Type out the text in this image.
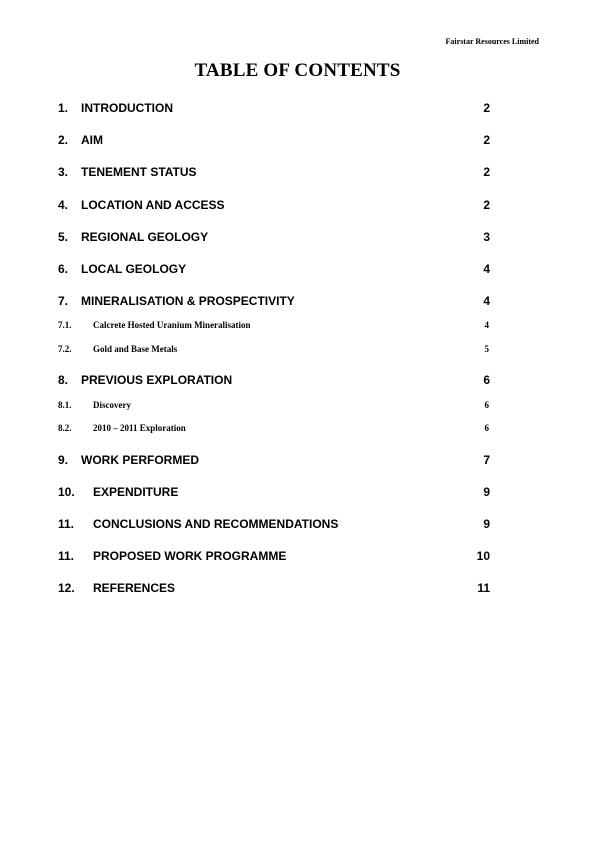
Fairstar Resources Limited
TABLE OF CONTENTS
1. INTRODUCTION	2
2. AIM	2
3. TENEMENT STATUS	2
4. LOCATION AND ACCESS	2
5. REGIONAL GEOLOGY	3
6. LOCAL GEOLOGY	4
7. MINERALISATION & PROSPECTIVITY	4
7.1. Calcrete Hosted Uranium Mineralisation	4
7.2. Gold and Base Metals	5
8. PREVIOUS EXPLORATION	6
8.1. Discovery	6
8.2. 2010 – 2011 Exploration	6
9. WORK PERFORMED	7
10. EXPENDITURE	9
11. CONCLUSIONS AND RECOMMENDATIONS	9
11. PROPOSED WORK PROGRAMME	10
12. REFERENCES	11
